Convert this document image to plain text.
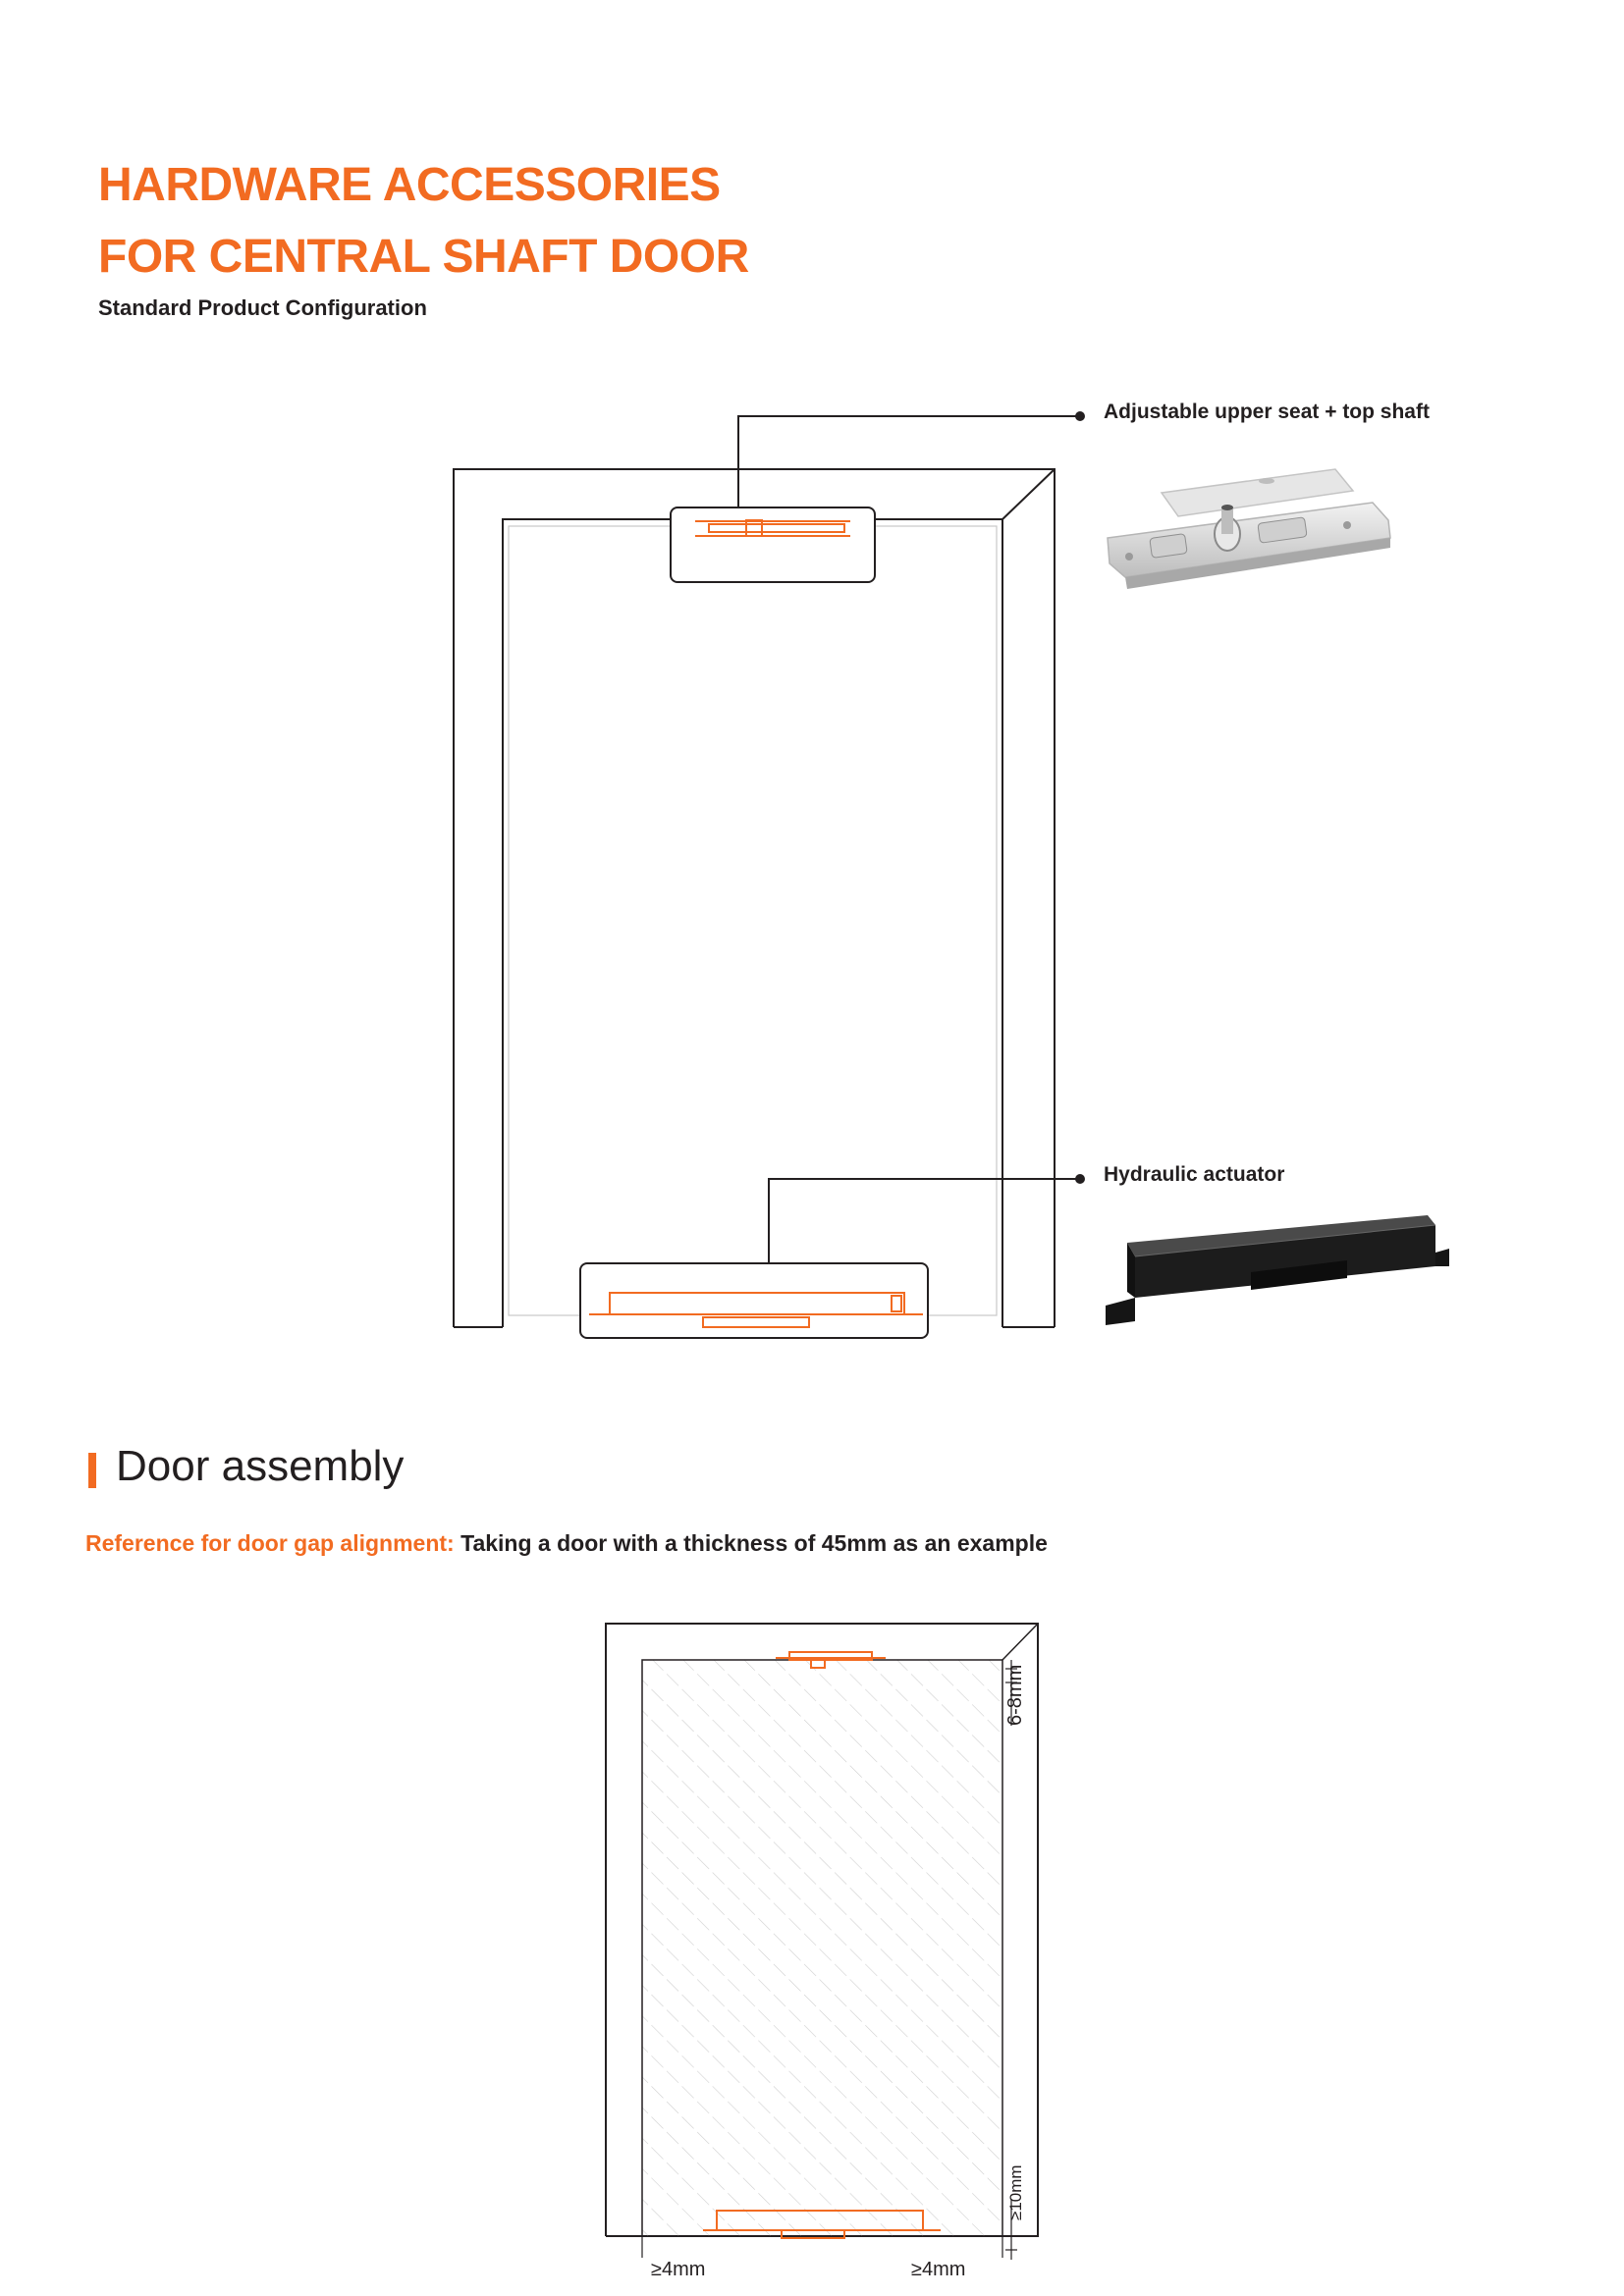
HARDWARE ACCESSORIES
FOR CENTRAL SHAFT DOOR
Standard Product Configuration
Adjustable upper seat + top shaft
Hydraulic actuator
6-8mm
≥10mm
≥4mm	≥4mm
Door assembly
Reference for door gap alignment: Taking a door with a thickness of 45mm as an example
